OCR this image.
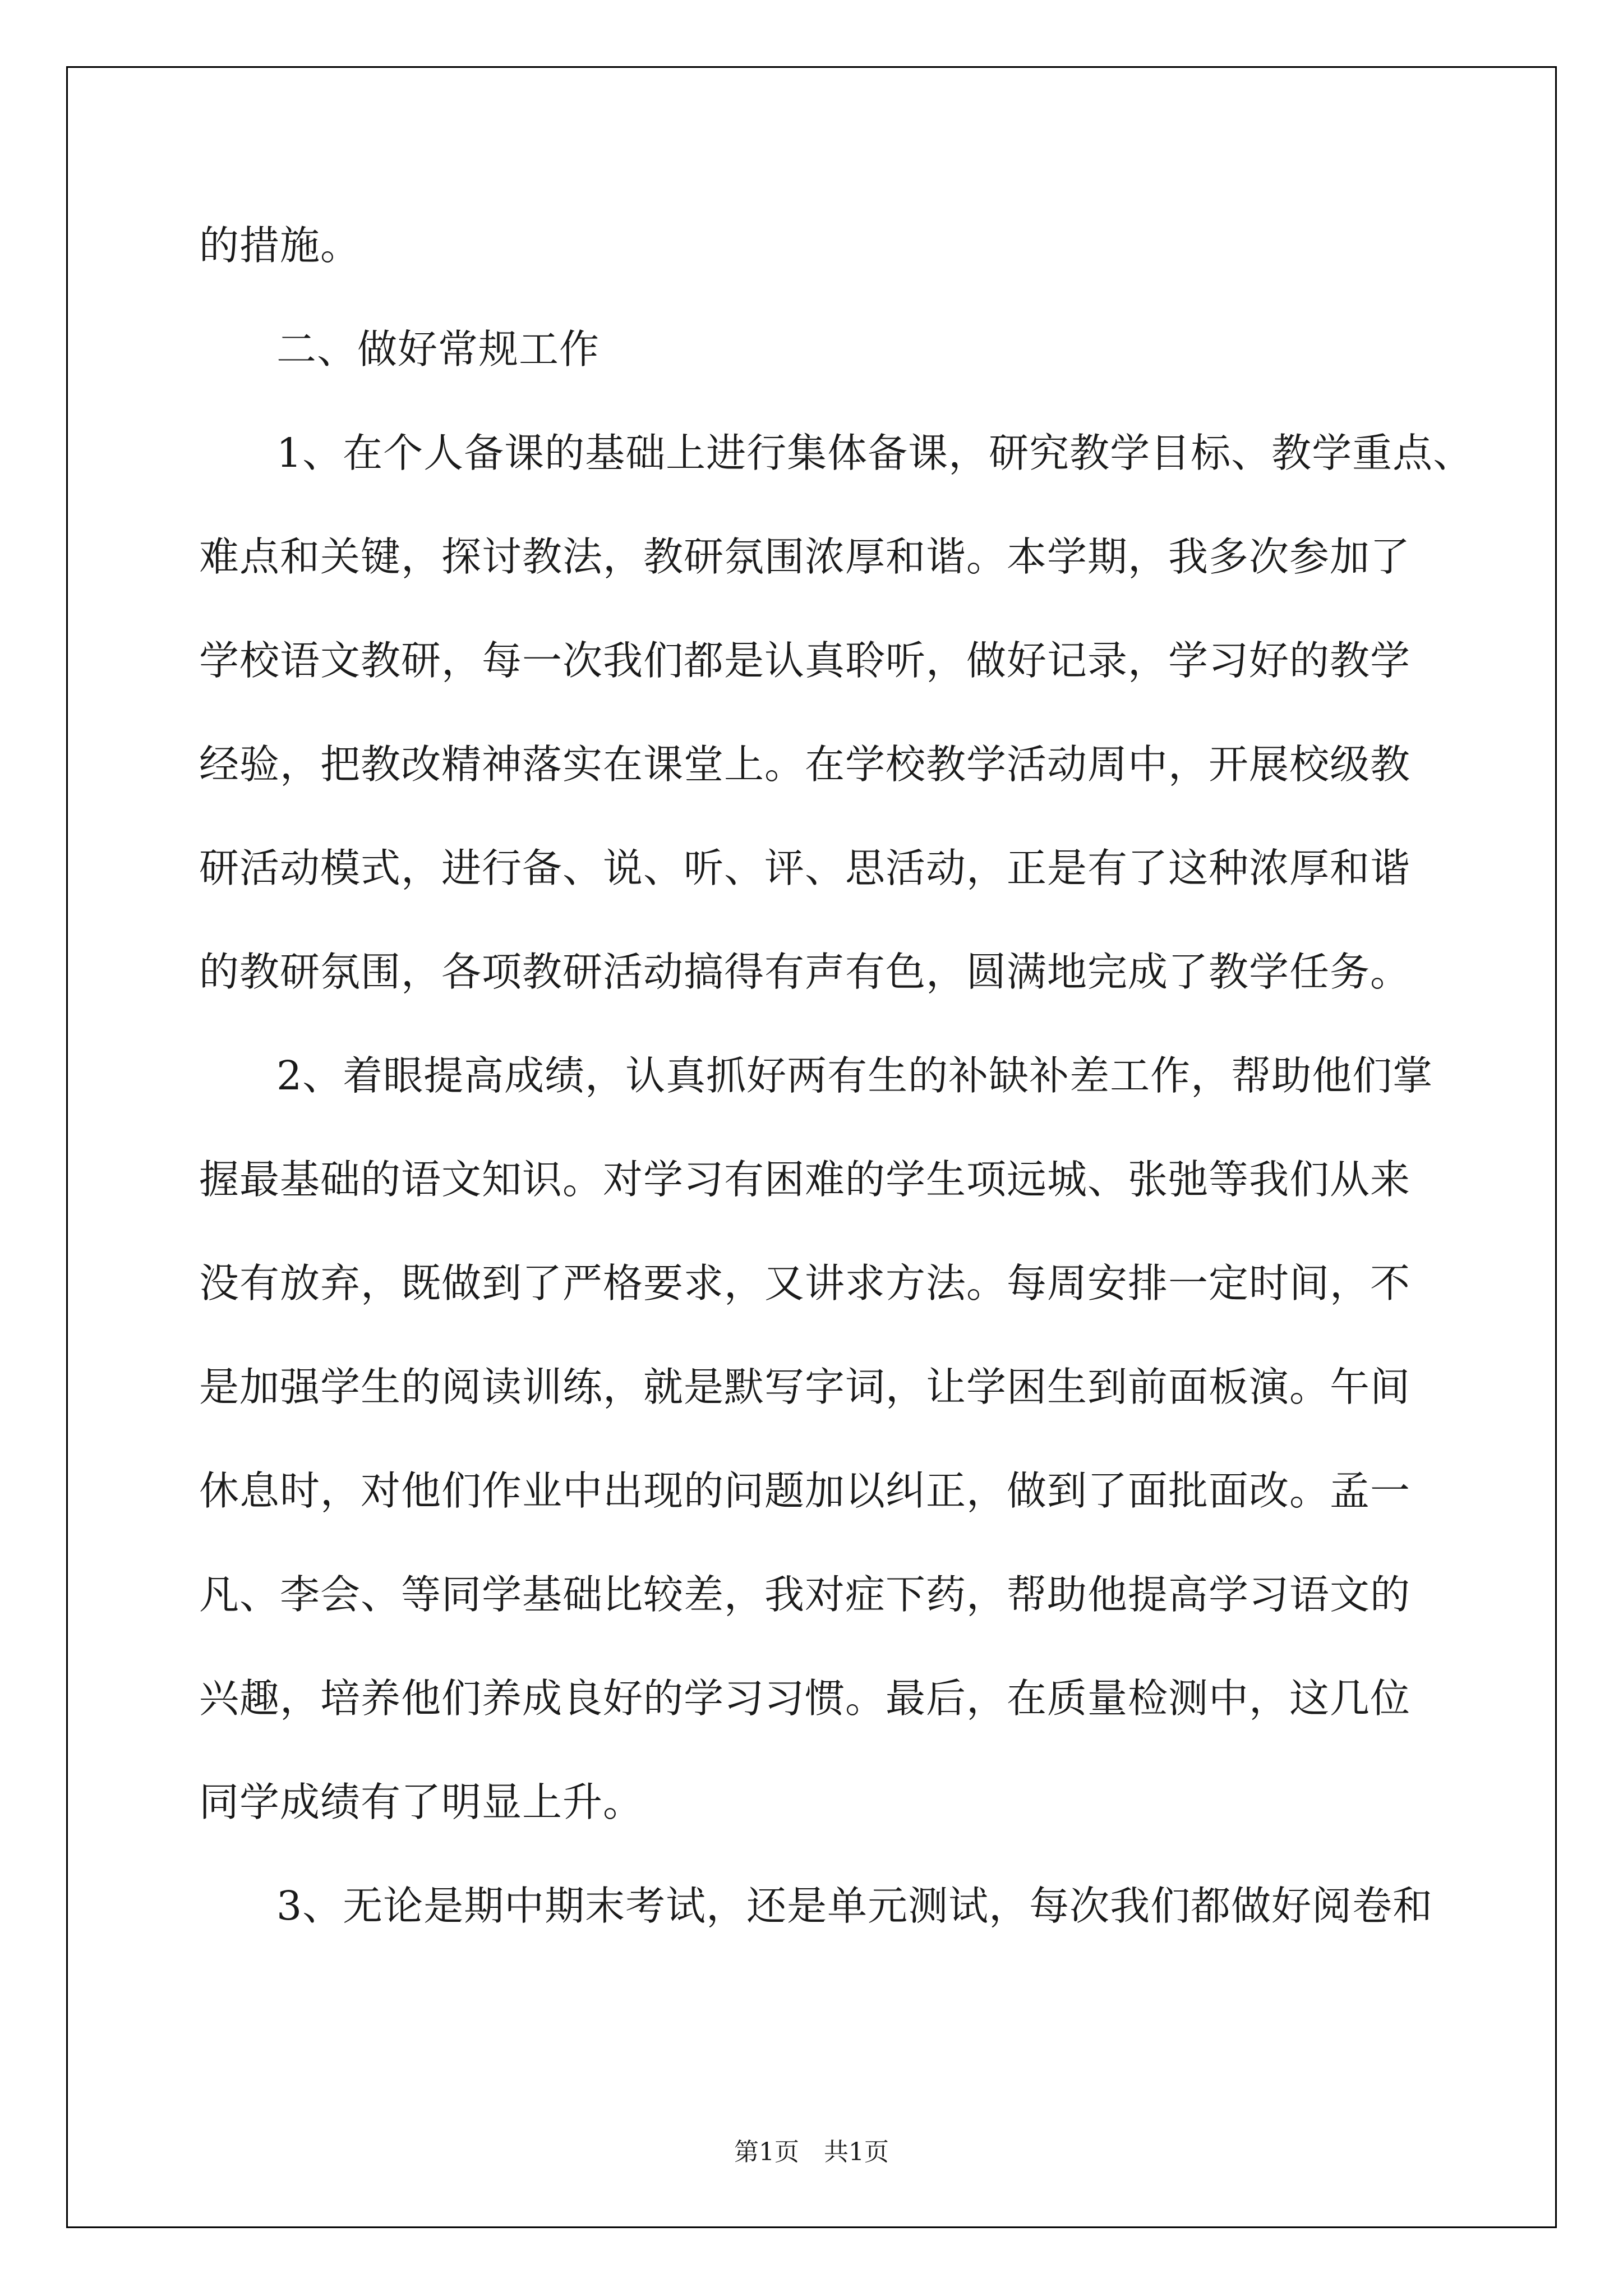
的措施。
二、做好常规工作
1、在个人备课的基础上进行集体备课，研究教学目标、教学重点、
难点和关键，探讨教法，教研氛围浓厚和谐。本学期，我多次参加了
学校语文教研，每一次我们都是认真聆听，做好记录，学习好的教学
经验，把教改精神落实在课堂上。在学校教学活动周中，开展校级教
研活动模式，进行备、说、听、评、思活动，正是有了这种浓厚和谐
的教研氛围，各项教研活动搞得有声有色，圆满地完成了教学任务。
2、着眼提高成绩，认真抓好两有生的补缺补差工作，帮助他们掌
握最基础的语文知识。对学习有困难的学生项远城、张弛等我们从来
没有放弃，既做到了严格要求，又讲求方法。每周安排一定时间，不
是加强学生的阅读训练，就是默写字词，让学困生到前面板演。午间
休息时，对他们作业中出现的问题加以纠正，做到了面批面改。孟一
凡、李会、等同学基础比较差，我对症下药，帮助他提高学习语文的
兴趣，培养他们养成良好的学习习惯。最后，在质量检测中，这几位
同学成绩有了明显上升。
3、无论是期中期末考试，还是单元测试，每次我们都做好阅卷和
第1页　共1页
